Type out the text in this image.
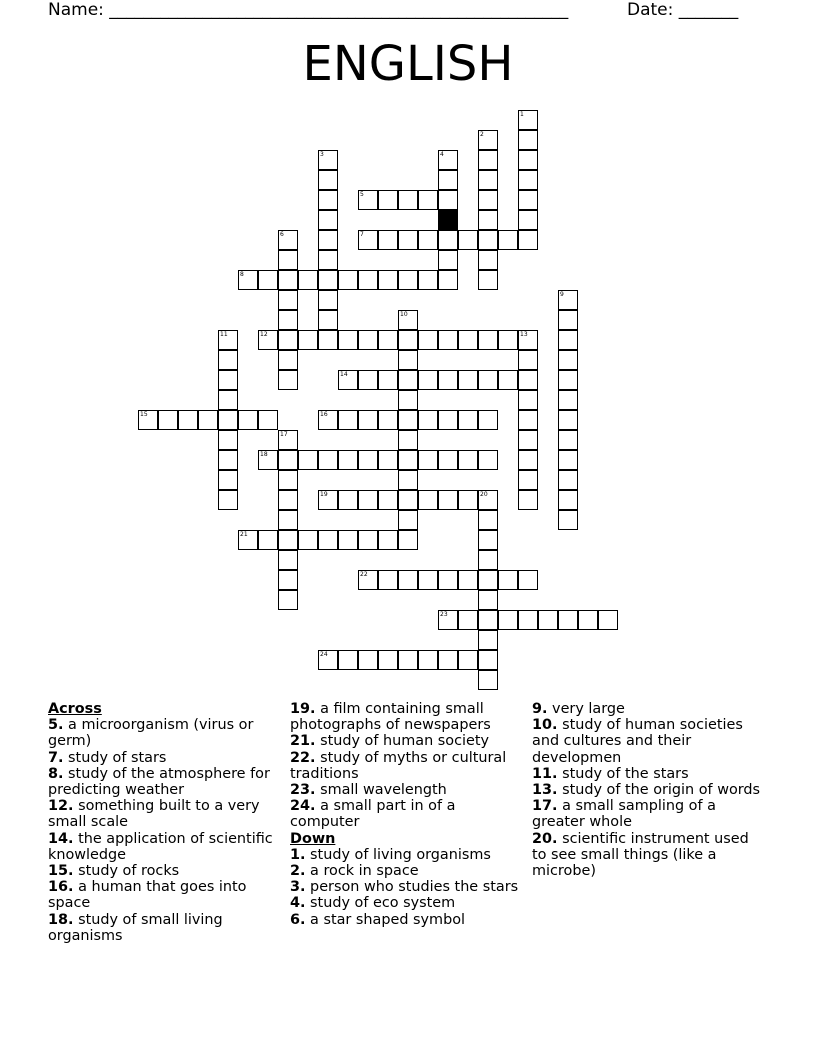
Name: ______________________________________________________	Date: _______
ENGLISH
1
2
3	4
5
6	7
8
9
10
11	12	13
14
15	16
17
18
19	20
21
22
23
24
Across
5. a microorganism (virus or germ)
7. study of stars
8. study of the atmosphere for predicting weather
12. something built to a very small scale
14. the application of scientific knowledge
15. study of rocks
16. a human that goes into space
18. study of small living organisms
19. a film containing small photographs of newspapers
21. study of human society
22. study of myths or cultural traditions
23. small wavelength
24. a small part in of a computer
Down
1. study of living organisms
2. a rock in space
3. person who studies the stars
4. study of eco system
6. a star shaped symbol
9. very large
10. study of human societies and cultures and their developmen
11. study of the stars
13. study of the origin of words
17. a small sampling of a greater whole
20. scientific instrument used to see small things (like a microbe)
